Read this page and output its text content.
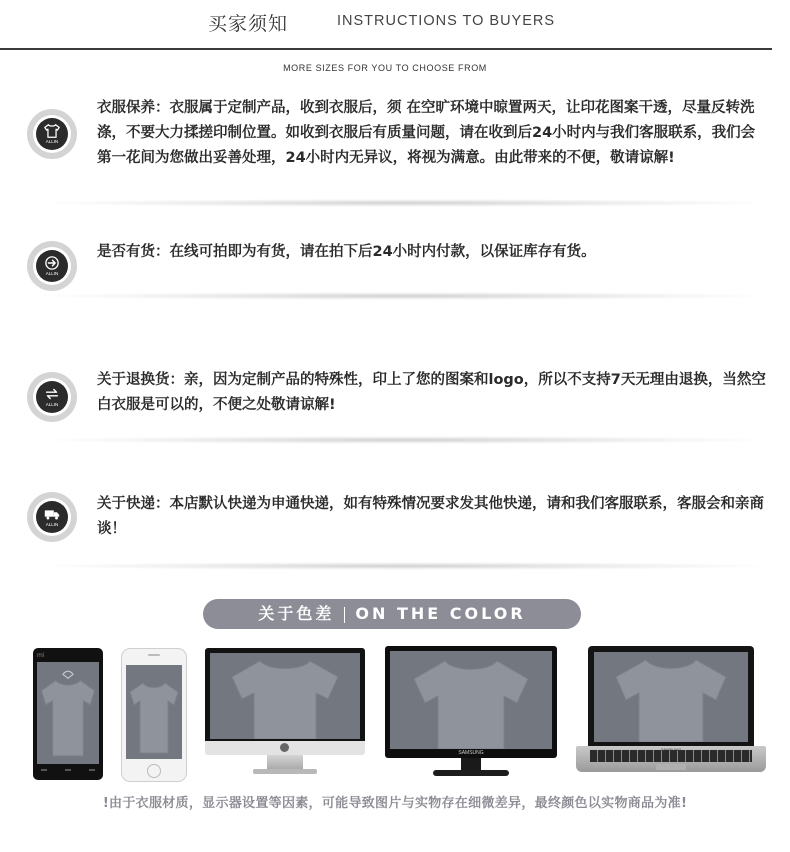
买家须知	INSTRUCTIONS TO BUYERS
MORE SIZES FOR YOU TO CHOOSE FROM
ALLIN
衣服保养：衣服属于定制产品，收到衣服后，须 在空旷环境中晾置两天，让印花图案干透，尽量反转洗涤，不要大力揉搓印制位置。如收到衣服后有质量问题，请在收到后24小时内与我们客服联系，我们会第一花间为您做出妥善处理，24小时内无异议，将视为满意。由此带来的不便，敬请谅解!
ALLIN
是否有货：在线可拍即为有货，请在拍下后24小时内付款，以保证库存有货。
ALLIN
关于退换货：亲，因为定制产品的特殊性，印上了您的图案和logo，所以不支持7天无理由退换，当然空白衣服是可以的，不便之处敬请谅解!
ALLIN
关于快递：本店默认快递为申通快递，如有特殊情况要求发其他快递，请和我们客服联系，客服会和亲商谈！
关于色差 ON THE COLOR
mi
SAMSUNG
SAMSUNG
!由于衣服材质，显示器设置等因素，可能导致图片与实物存在细微差异，最终颜色以实物商品为准!
